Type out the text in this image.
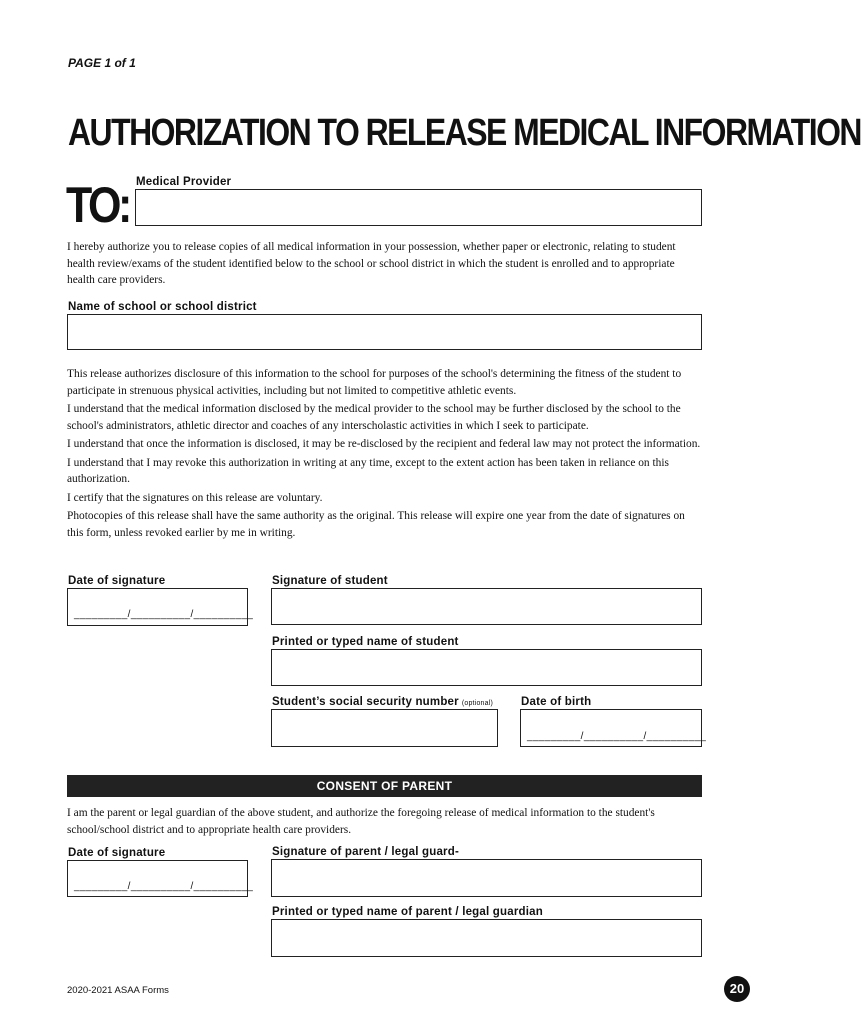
PAGE 1 of 1
AUTHORIZATION TO RELEASE MEDICAL INFORMATION
TO: Medical Provider
I hereby authorize you to release copies of all medical information in your possession, whether paper or electronic, relating to student health review/exams of the student identified below to the school or school district in which the student is enrolled and to appropriate health care providers.
Name of school or school district

This release authorizes disclosure of this information to the school for purposes of the school's determining the fitness of the student to participate in strenuous physical activities, including but not limited to competitive athletic events.

I understand that the medical information disclosed by the medical provider to the school may be further disclosed by the school to the school's administrators, athletic director and coaches of any interscholastic activities in which I seek to participate.

I understand that once the information is disclosed, it may be re-disclosed by the recipient and federal law may not protect the information.

I understand that I may revoke this authorization in writing at any time, except to the extent action has been taken in reliance on this authorization.

I certify that the signatures on this release are voluntary.

Photocopies of this release shall have the same authority as the original. This release will expire one year from the date of signatures on this form, unless revoked earlier by me in writing.

Date of signature
_________/__________/__________
Signature of student
Printed or typed name of student
Student’s social security number (optional) Date of birth
_________/__________/__________
CONSENT OF PARENT
I am the parent or legal guardian of the above student, and authorize the foregoing release of medical information to the student's school/school district and to appropriate health care providers.
Date of signature
_________/__________/__________
Signature of parent / legal guard-
Printed or typed name of parent / legal guardian
2020-2021 ASAA Forms	20
